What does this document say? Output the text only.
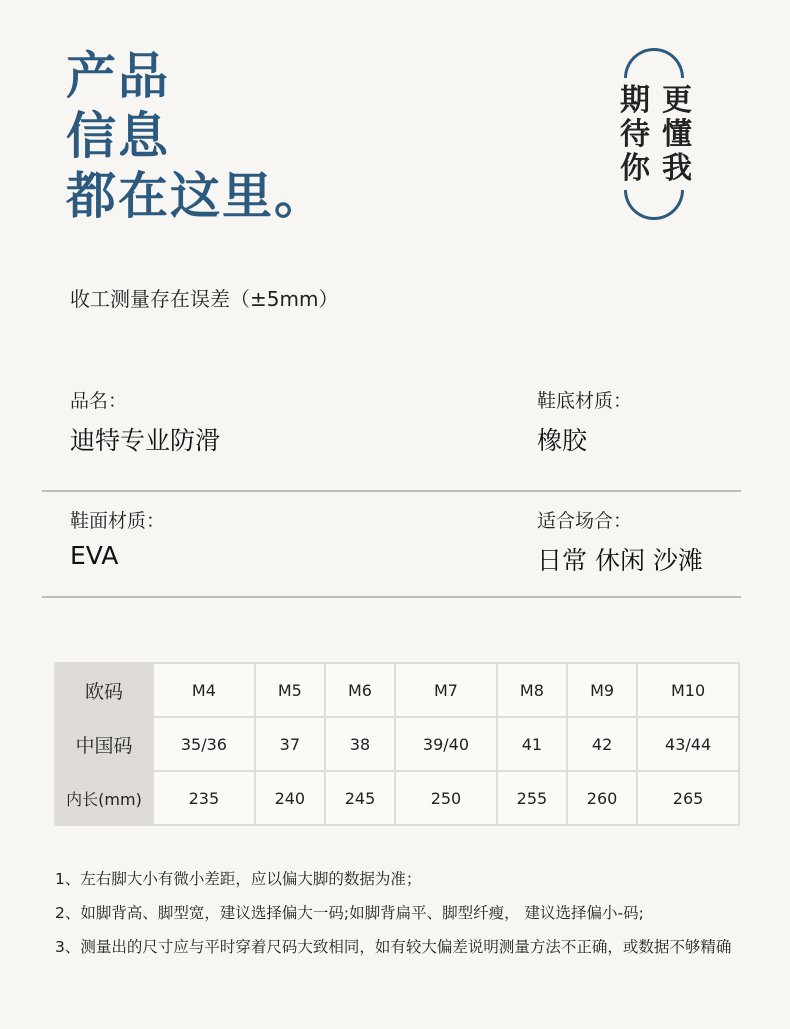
产品
信息
都在这里。
期
待
你
更
懂
我
收工测量存在误差（±5mm）
品名：
迪特专业防滑
鞋底材质：
橡胶
鞋面材质：
EVA
适合场合：
日常 休闲 沙滩
欧码	M4	M5	M6	M7	M8	M9	M10
中国码	35/36	37	38	39/40	41	42	43/44
内长(mm)	235	240	245	250	255	260	265

1、左右脚大小有微小差距，应以偏大脚的数据为准；

2、如脚背高、脚型宽，建议选择偏大一码;如脚背扁平、脚型纤瘦， 建议选择偏小-码;

3、测量出的尺寸应与平时穿着尺码大致相同，如有较大偏差说明测量方法不正确，或数据不够精确
